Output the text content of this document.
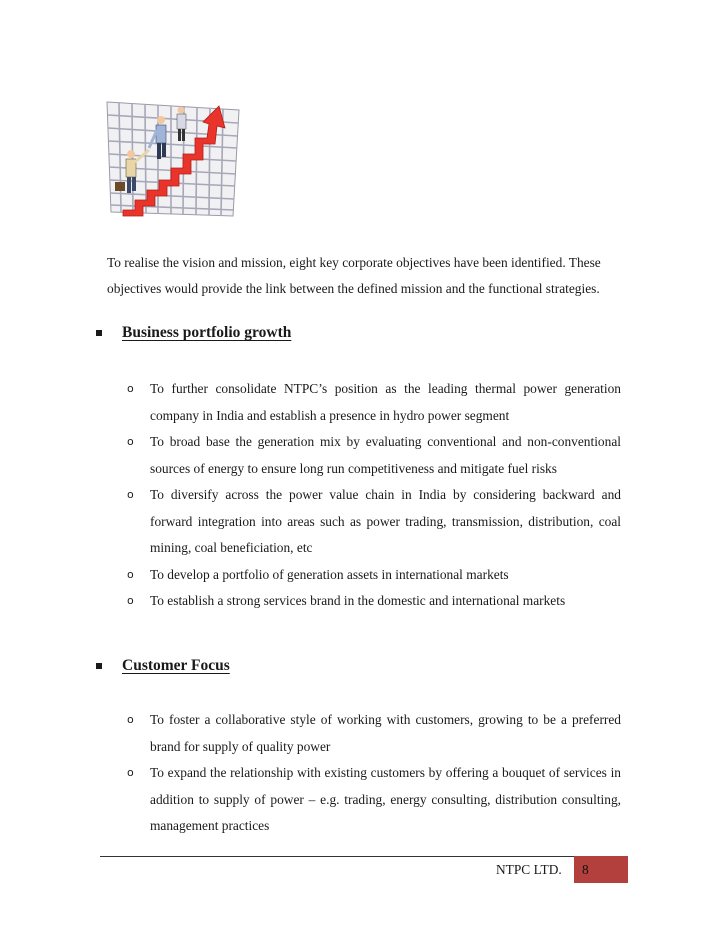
To realise the vision and mission, eight key corporate objectives have been identified. These objectives would provide the link between the defined mission and the functional strategies.

Business portfolio growth
o To further consolidate NTPC’s position as the leading thermal power generation company in India and establish a presence in hydro power segment
o To broad base the generation mix by evaluating conventional and non-conventional sources of energy to ensure long run competitiveness and mitigate fuel risks
o To diversify across the power value chain in India by considering backward and forward integration into areas such as power trading, transmission, distribution, coal mining, coal beneficiation, etc
o To develop a portfolio of generation assets in international markets
o To establish a strong services brand in the domestic and international markets
Customer Focus
o To foster a collaborative style of working with customers, growing to be a preferred brand for supply of quality power
o To expand the relationship with existing customers by offering a bouquet of services in addition to supply of power – e.g. trading, energy consulting, distribution consulting, management practices
NTPC LTD.	8
